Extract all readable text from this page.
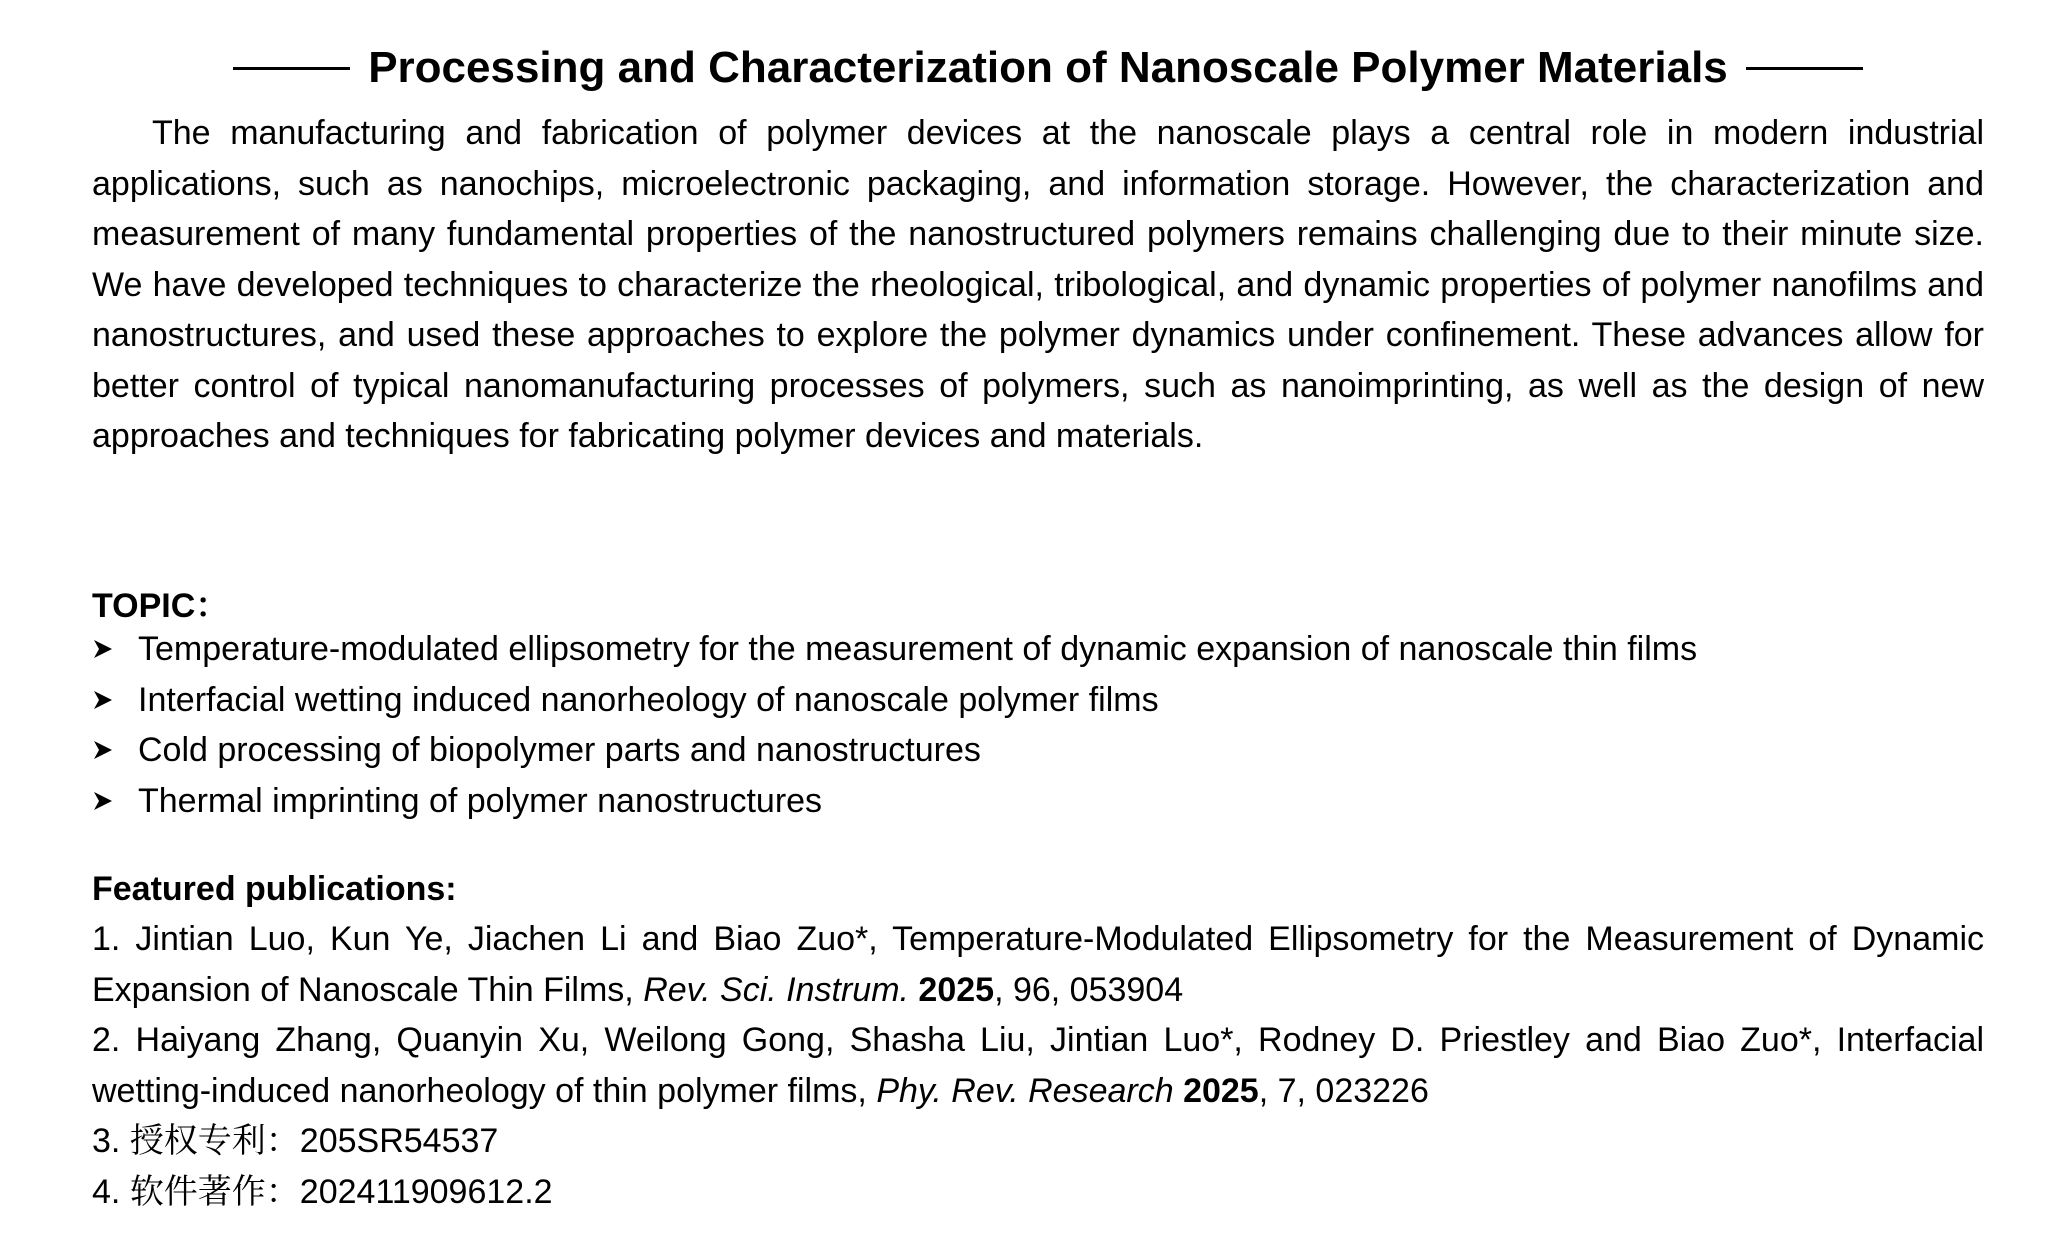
Processing and Characterization of Nanoscale Polymer Materials

The manufacturing and fabrication of polymer devices at the nanoscale plays a central role in modern industrial applications, such as nanochips, microelectronic packaging, and information storage. However, the characterization and measurement of many fundamental properties of the nanostructured polymers remains challenging due to their minute size. We have developed techniques to characterize the rheological, tribological, and dynamic properties of polymer nanofilms and nanostructures, and used these approaches to explore the polymer dynamics under confinement. These advances allow for better control of typical nanomanufacturing processes of polymers, such as nanoimprinting, as well as the design of new approaches and techniques for fabricating polymer devices and materials.

TOPIC：

Temperature-modulated ellipsometry for the measurement of dynamic expansion of nanoscale thin films
Interfacial wetting induced nanorheology of nanoscale polymer films
Cold processing of biopolymer parts and nanostructures
Thermal imprinting of polymer nanostructures

Featured publications:

1. Jintian Luo, Kun Ye, Jiachen Li and Biao Zuo*, Temperature-Modulated Ellipsometry for the Measurement of Dynamic Expansion of Nanoscale Thin Films, Rev. Sci. Instrum. 2025, 96, 053904

2. Haiyang Zhang, Quanyin Xu, Weilong Gong, Shasha Liu, Jintian Luo*, Rodney D. Priestley and Biao Zuo*, Interfacial wetting-induced nanorheology of thin polymer films, Phy. Rev. Research 2025, 7, 023226

3. 授权专利：205SR54537

4. 软件著作：202411909612.2
